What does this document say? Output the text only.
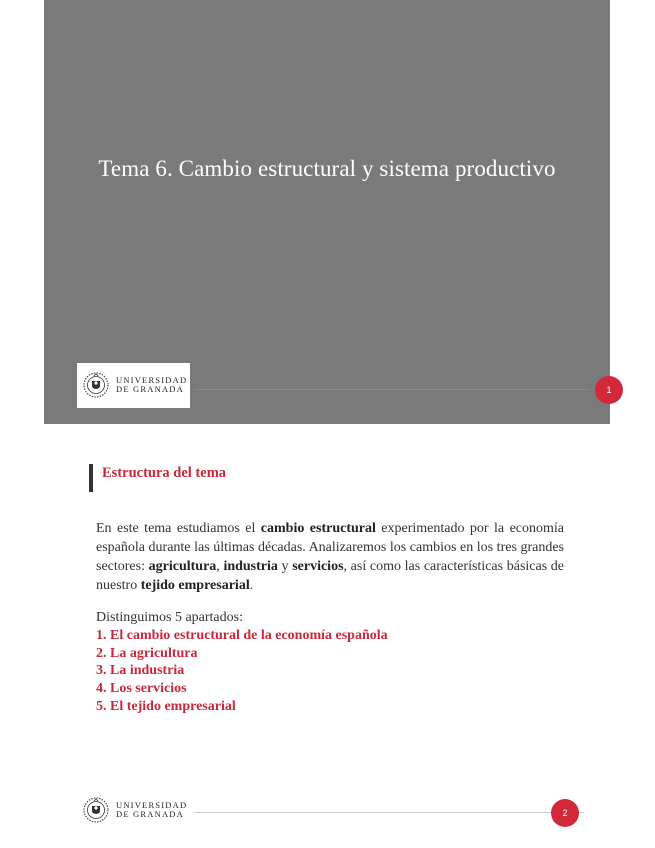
Tema 6. Cambio estructural y sistema productivo
UNIVERSIDAD
DE GRANADA	1
Estructura del tema
En este tema estudiamos el cambio estructural experimentado por la economía española durante las últimas décadas. Analizaremos los cambios en los tres grandes sectores: agricultura, industria y servicios, así como las características básicas de nuestro tejido empresarial.
Distinguimos 5 apartados:
1. El cambio estructural de la economía española
2. La agricultura
3. La industria
4. Los servicios
5. El tejido empresarial
UNIVERSIDAD
DE GRANADA	2
